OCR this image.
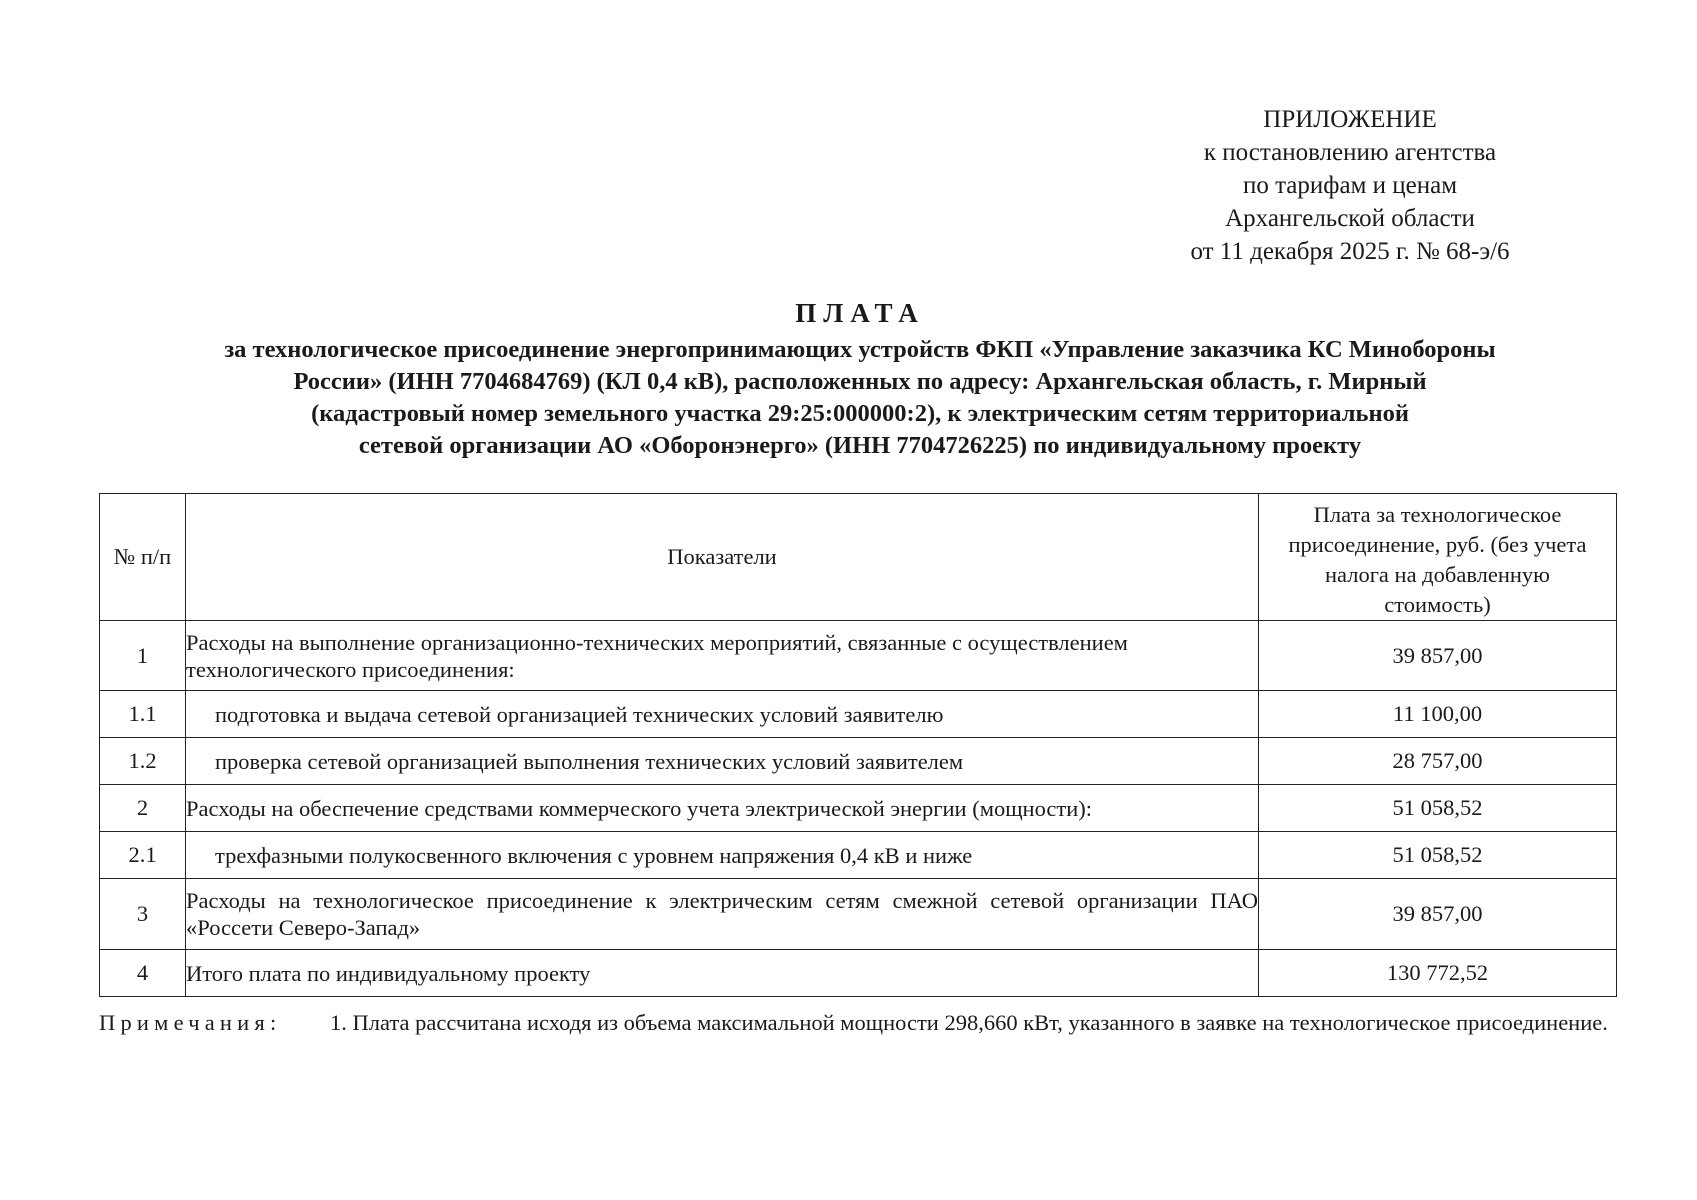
ПРИЛОЖЕНИЕ
к постановлению агентства
по тарифам и ценам
Архангельской области
от 11 декабря 2025 г. № 68-э/6
ПЛАТА
за технологическое присоединение энергопринимающих устройств ФКП «Управление заказчика КС Минобороны
России» (ИНН 7704684769) (КЛ 0,4 кВ), расположенных по адресу: Архангельская область, г. Мирный
(кадастровый номер земельного участка 29:25:000000:2), к электрическим сетям территориальной
сетевой организации АО «Оборонэнерго» (ИНН 7704726225) по индивидуальному проекту
№ п/п	Показатели	Плата за технологическое присоединение, руб. (без учета налога на добавленную стоимость)
1	Расходы на выполнение организационно-технических мероприятий, связанные с осуществлением технологического присоединения:	39 857,00
1.1	подготовка и выдача сетевой организацией технических условий заявителю	11 100,00
1.2	проверка сетевой организацией выполнения технических условий заявителем	28 757,00
2	Расходы на обеспечение средствами коммерческого учета электрической энергии (мощности):	51 058,52
2.1	трехфазными полукосвенного включения с уровнем напряжения 0,4 кВ и ниже	51 058,52
3	Расходы на технологическое присоединение к электрическим сетям смежной сетевой организации ПАО «Россети Северо-Запад»	39 857,00
4	Итого плата по индивидуальному проекту	130 772,52
Примечания: 1. Плата рассчитана исходя из объема максимальной мощности 298,660 кВт, указанного в заявке на технологическое присоединение.
